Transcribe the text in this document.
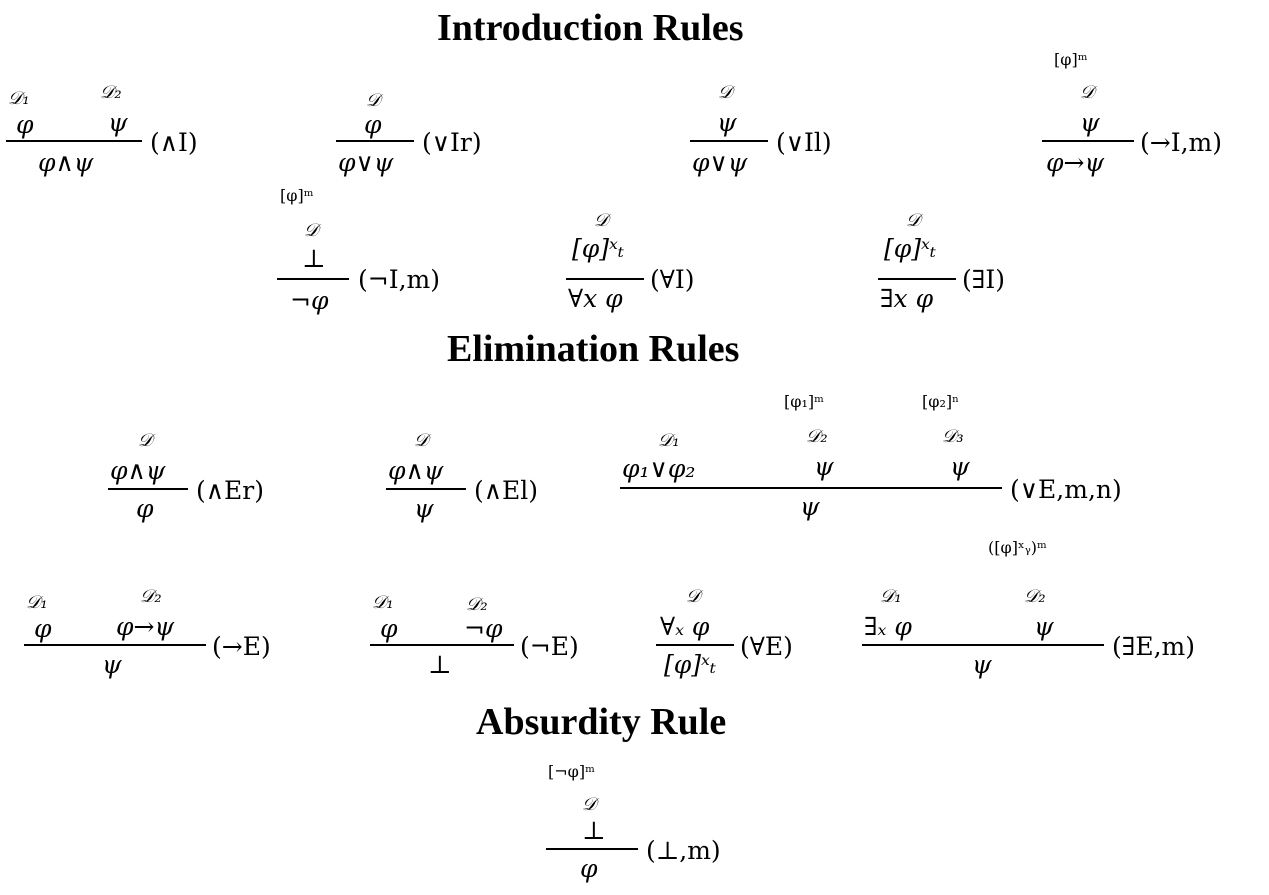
Introduction Rules
Elimination Rules
Absurdity Rule
𝒟₁	𝒟₂
φ	ψ
φ∧ψ
(∧I)
𝒟
φ
φ∨ψ
(∨Ir)
𝒟
ψ
φ∨ψ
(∨Il)
[φ]ᵐ
𝒟
ψ
φ→ψ
(→I,m)
[φ]ᵐ
𝒟
⊥
¬φ
(¬I,m)
𝒟
[φ]ˣₜ
∀x φ
(∀I)
𝒟
[φ]ˣₜ
∃x φ
(∃I)
𝒟
φ∧ψ
φ
(∧Er)
𝒟
φ∧ψ
ψ
(∧El)
𝒟₁
φ₁∨φ₂
[φ₁]ᵐ
𝒟₂
ψ
[φ₂]ⁿ
𝒟₃
ψ
ψ
(∨E,m,n)
𝒟₁
φ
𝒟₂
φ→ψ
ψ
(→E)
𝒟₁
φ
𝒟₂
¬φ
⊥
(¬E)
𝒟
∀ₓ φ
[φ]ˣₜ
(∀E)
𝒟₁
∃ₓ φ
([φ]ˣᵧ)ᵐ
𝒟₂
ψ
ψ
(∃E,m)
[¬φ]ᵐ
𝒟
⊥
φ
(⊥,m)
